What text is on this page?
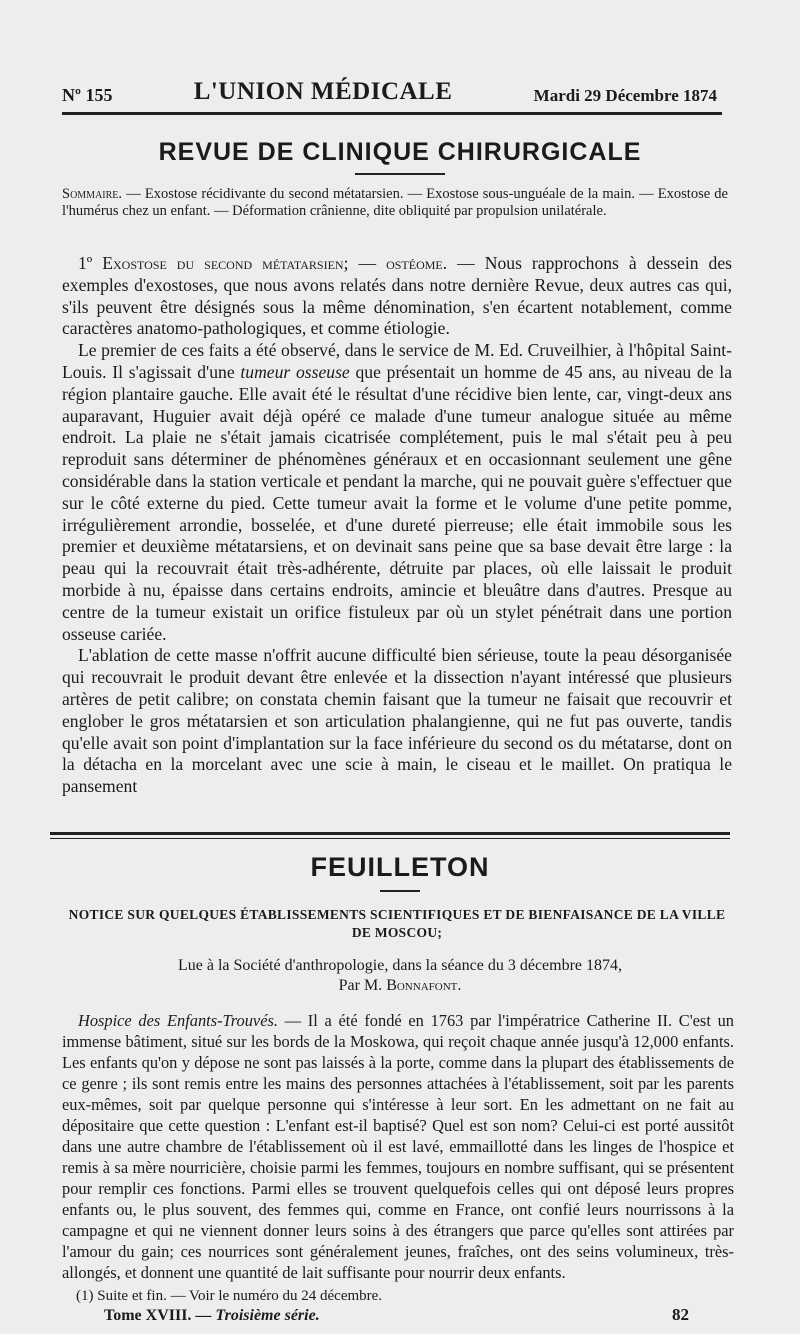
Nº 155	L'UNION MÉDICALE	Mardi 29 Décembre 1874
REVUE DE CLINIQUE CHIRURGICALE
Sommaire. — Exostose récidivante du second métatarsien. — Exostose sous-unguéale de la main. — Exostose de l'humérus chez un enfant. — Déformation crânienne, dite obliquité par propulsion unilatérale.

1º Exostose du second métatarsien; — ostéome. — Nous rapprochons à dessein des exemples d'exostoses, que nous avons relatés dans notre dernière Revue, deux autres cas qui, s'ils peuvent être désignés sous la même dénomination, s'en écartent notablement, comme caractères anatomo-pathologiques, et comme étiologie.

Le premier de ces faits a été observé, dans le service de M. Ed. Cruveilhier, à l'hôpital Saint-Louis. Il s'agissait d'une tumeur osseuse que présentait un homme de 45 ans, au niveau de la région plantaire gauche. Elle avait été le résultat d'une récidive bien lente, car, vingt-deux ans auparavant, Huguier avait déjà opéré ce malade d'une tumeur analogue située au même endroit. La plaie ne s'était jamais cicatrisée complétement, puis le mal s'était peu à peu reproduit sans déterminer de phénomènes généraux et en occasionnant seulement une gêne considérable dans la station verticale et pendant la marche, qui ne pouvait guère s'effectuer que sur le côté externe du pied. Cette tumeur avait la forme et le volume d'une petite pomme, irrégulièrement arrondie, bosselée, et d'une dureté pierreuse; elle était immobile sous les premier et deuxième métatarsiens, et on devinait sans peine que sa base devait être large : la peau qui la recouvrait était très-adhérente, détruite par places, où elle laissait le produit morbide à nu, épaisse dans certains endroits, amincie et bleuâtre dans d'autres. Presque au centre de la tumeur existait un orifice fistuleux par où un stylet pénétrait dans une portion osseuse cariée.

L'ablation de cette masse n'offrit aucune difficulté bien sérieuse, toute la peau désorganisée qui recouvrait le produit devant être enlevée et la dissection n'ayant intéressé que plusieurs artères de petit calibre; on constata chemin faisant que la tumeur ne faisait que recouvrir et englober le gros métatarsien et son articulation phalangienne, qui ne fut pas ouverte, tandis qu'elle avait son point d'implantation sur la face inférieure du second os du métatarse, dont on la détacha en la morcelant avec une scie à main, le ciseau et le maillet. On pratiqua le pansement

FEUILLETON
NOTICE SUR QUELQUES ÉTABLISSEMENTS SCIENTIFIQUES ET DE BIENFAISANCE DE LA VILLE DE MOSCOU;
Lue à la Société d'anthropologie, dans la séance du 3 décembre 1874,
Par M. Bonnafont.

Hospice des Enfants-Trouvés. — Il a été fondé en 1763 par l'impératrice Catherine II. C'est un immense bâtiment, situé sur les bords de la Moskowa, qui reçoit chaque année jusqu'à 12,000 enfants. Les enfants qu'on y dépose ne sont pas laissés à la porte, comme dans la plupart des établissements de ce genre ; ils sont remis entre les mains des personnes attachées à l'établissement, soit par les parents eux-mêmes, soit par quelque personne qui s'intéresse à leur sort. En les admettant on ne fait au dépositaire que cette question : L'enfant est-il baptisé? Quel est son nom? Celui-ci est porté aussitôt dans une autre chambre de l'établissement où il est lavé, emmaillotté dans les linges de l'hospice et remis à sa mère nourricière, choisie parmi les femmes, toujours en nombre suffisant, qui se présentent pour remplir ces fonctions. Parmi elles se trouvent quelquefois celles qui ont déposé leurs propres enfants ou, le plus souvent, des femmes qui, comme en France, ont confié leurs nourrissons à la campagne et qui ne viennent donner leurs soins à des étrangers que parce qu'elles sont attirées par l'amour du gain; ces nourrices sont généralement jeunes, fraîches, ont des seins volumineux, très-allongés, et donnent une quantité de lait suffisante pour nourrir deux enfants.

(1) Suite et fin. — Voir le numéro du 24 décembre.
Tome XVIII. — Troisième série.	82
